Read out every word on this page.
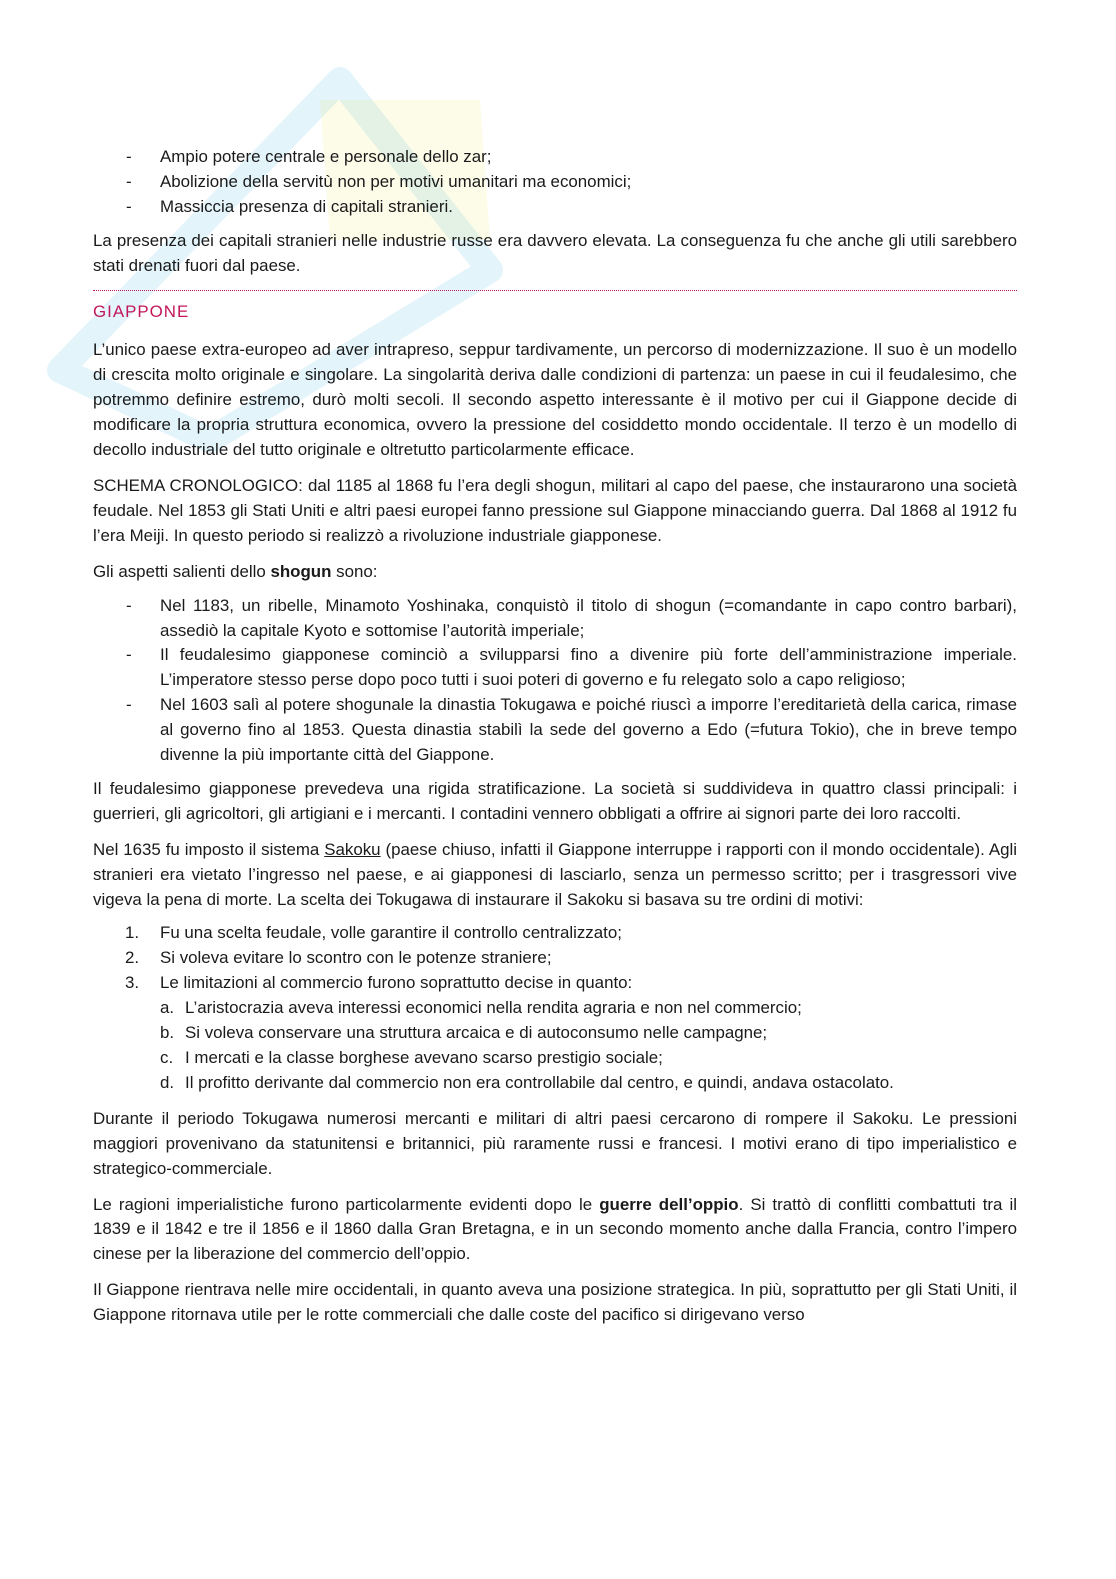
- Ampio potere centrale e personale dello zar;
- Abolizione della servitù non per motivi umanitari ma economici;
- Massiccia presenza di capitali stranieri.

La presenza dei capitali stranieri nelle industrie russe era davvero elevata. La conseguenza fu che anche gli utili sarebbero stati drenati fuori dal paese.

GIAPPONE

L’unico paese extra-europeo ad aver intrapreso, seppur tardivamente, un percorso di modernizzazione. Il suo è un modello di crescita molto originale e singolare. La singolarità deriva dalle condizioni di partenza: un paese in cui il feudalesimo, che potremmo definire estremo, durò molti secoli. Il secondo aspetto interessante è il motivo per cui il Giappone decide di modificare la propria struttura economica, ovvero la pressione del cosiddetto mondo occidentale. Il terzo è un modello di decollo industriale del tutto originale e oltretutto particolarmente efficace.

SCHEMA CRONOLOGICO: dal 1185 al 1868 fu l’era degli shogun, militari al capo del paese, che instaurarono una società feudale. Nel 1853 gli Stati Uniti e altri paesi europei fanno pressione sul Giappone minacciando guerra. Dal 1868 al 1912 fu l’era Meiji. In questo periodo si realizzò a rivoluzione industriale giapponese.

Gli aspetti salienti dello shogun sono:

- Nel 1183, un ribelle, Minamoto Yoshinaka, conquistò il titolo di shogun (=comandante in capo contro barbari), assediò la capitale Kyoto e sottomise l’autorità imperiale;
- Il feudalesimo giapponese cominciò a svilupparsi fino a divenire più forte dell’amministrazione imperiale. L’imperatore stesso perse dopo poco tutti i suoi poteri di governo e fu relegato solo a capo religioso;
- Nel 1603 salì al potere shogunale la dinastia Tokugawa e poiché riuscì a imporre l’ereditarietà della carica, rimase al governo fino al 1853. Questa dinastia stabilì la sede del governo a Edo (=futura Tokio), che in breve tempo divenne la più importante città del Giappone.

Il feudalesimo giapponese prevedeva una rigida stratificazione. La società si suddivideva in quattro classi principali: i guerrieri, gli agricoltori, gli artigiani e i mercanti. I contadini vennero obbligati a offrire ai signori parte dei loro raccolti.

Nel 1635 fu imposto il sistema Sakoku (paese chiuso, infatti il Giappone interruppe i rapporti con il mondo occidentale). Agli stranieri era vietato l’ingresso nel paese, e ai giapponesi di lasciarlo, senza un permesso scritto; per i trasgressori vive vigeva la pena di morte. La scelta dei Tokugawa di instaurare il Sakoku si basava su tre ordini di motivi:

1. Fu una scelta feudale, volle garantire il controllo centralizzato;
2. Si voleva evitare lo scontro con le potenze straniere;
3. Le limitazioni al commercio furono soprattutto decise in quanto:
a. L’aristocrazia aveva interessi economici nella rendita agraria e non nel commercio;
b. Si voleva conservare una struttura arcaica e di autoconsumo nelle campagne;
c. I mercati e la classe borghese avevano scarso prestigio sociale;
d. Il profitto derivante dal commercio non era controllabile dal centro, e quindi, andava ostacolato.

Durante il periodo Tokugawa numerosi mercanti e militari di altri paesi cercarono di rompere il Sakoku. Le pressioni maggiori provenivano da statunitensi e britannici, più raramente russi e francesi. I motivi erano di tipo imperialistico e strategico-commerciale.

Le ragioni imperialistiche furono particolarmente evidenti dopo le guerre dell’oppio. Si trattò di conflitti combattuti tra il 1839 e il 1842 e tre il 1856 e il 1860 dalla Gran Bretagna, e in un secondo momento anche dalla Francia, contro l’impero cinese per la liberazione del commercio dell’oppio.

Il Giappone rientrava nelle mire occidentali, in quanto aveva una posizione strategica. In più, soprattutto per gli Stati Uniti, il Giappone ritornava utile per le rotte commerciali che dalle coste del pacifico si dirigevano verso
